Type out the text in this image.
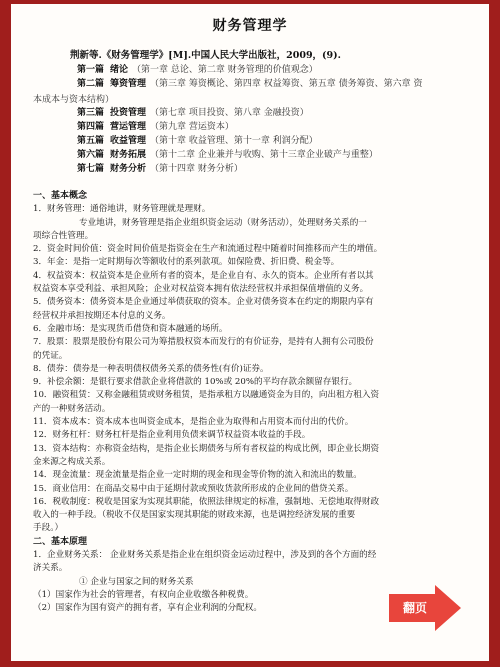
财务管理学
荆新等.《财务管理学》[M].中国人民大学出版社，2009，(9).
第一篇 绪论 （第一章 总论、第二章 财务管理的价值观念）
第二篇 筹资管理 （第三章 筹资概论、第四章 权益筹资、第五章 债务筹资、第六章 资
本成本与资本结构）
第三篇 投资管理 （第七章 项目投资、第八章 金融投资）
第四篇 营运管理 （第九章 营运资本）
第五篇 收益管理 （第十章 收益管理、第十一章 利润分配）
第六篇 财务拓展 （第十二章 企业兼并与收购、第十三章企业破产与重整）
第七篇 财务分析 （第十四章 财务分析）
一、基本概念
1．财务管理：通俗地讲，财务管理就是理财。
专业地讲，财务管理是指企业组织资金运动（财务活动），处理财务关系的一
项综合性管理。
2．资金时间价值：资金时间价值是指资金在生产和流通过程中随着时间推移而产生的增值。
3．年金：是指一定时期每次等额收付的系列款项。如保险费、折旧费、税金等。
4．权益资本：权益资本是企业所有者的资本，是企业自有、永久的资本。企业所有者以其
权益资本享受利益、承担风险；企业对权益资本拥有依法经营权并承担保值增值的义务。
5．债务资本：债务资本是企业通过举债获取的资本。企业对债务资本在约定的期限内享有
经营权并承担按期还本付息的义务。
6．金融市场：是实现货币借贷和资本融通的场所。
7．股票：股票是股份有限公司为筹措股权资本而发行的有价证券，是持有人拥有公司股份
的凭证。
8．债券：债券是一种表明债权债务关系的债务性(有价)证券。
9．补偿余额：是银行要求借款企业将借款的 10%或 20%的平均存款余额留存银行。
10．融资租赁：又称金融租赁或财务租赁，是指承租方以融通资金为目的，向出租方租入资
产的一种财务活动。
11．资本成本：资本成本也叫资金成本，是指企业为取得和占用资本而付出的代价。
12．财务杠杆：财务杠杆是指企业利用负债来调节权益资本收益的手段。
13．资本结构：亦称资金结构，是指企业长期债务与所有者权益的构成比例，即企业长期资
金来源之构成关系。
14．现金流量：现金流量是指企业一定时期的现金和现金等价物的流入和流出的数量。
15．商业信用：在商品交易中由于延期付款或预收货款所形成的企业间的借贷关系。
16．税收制度：税收是国家为实现其职能，依照法律规定的标准，强制地、无偿地取得财政
收入的一种手段。（税收不仅是国家实现其职能的财政来源，也是调控经济发展的重要
手段。）
二、基本原理
1．企业财务关系： 企业财务关系是指企业在组织资金运动过程中，涉及到的各个方面的经
济关系。
① 企业与国家之间的财务关系
（1）国家作为社会的管理者，有权向企业收缴各种税费。
（2）国家作为国有资产的拥有者，享有企业利润的分配权。	翻页
